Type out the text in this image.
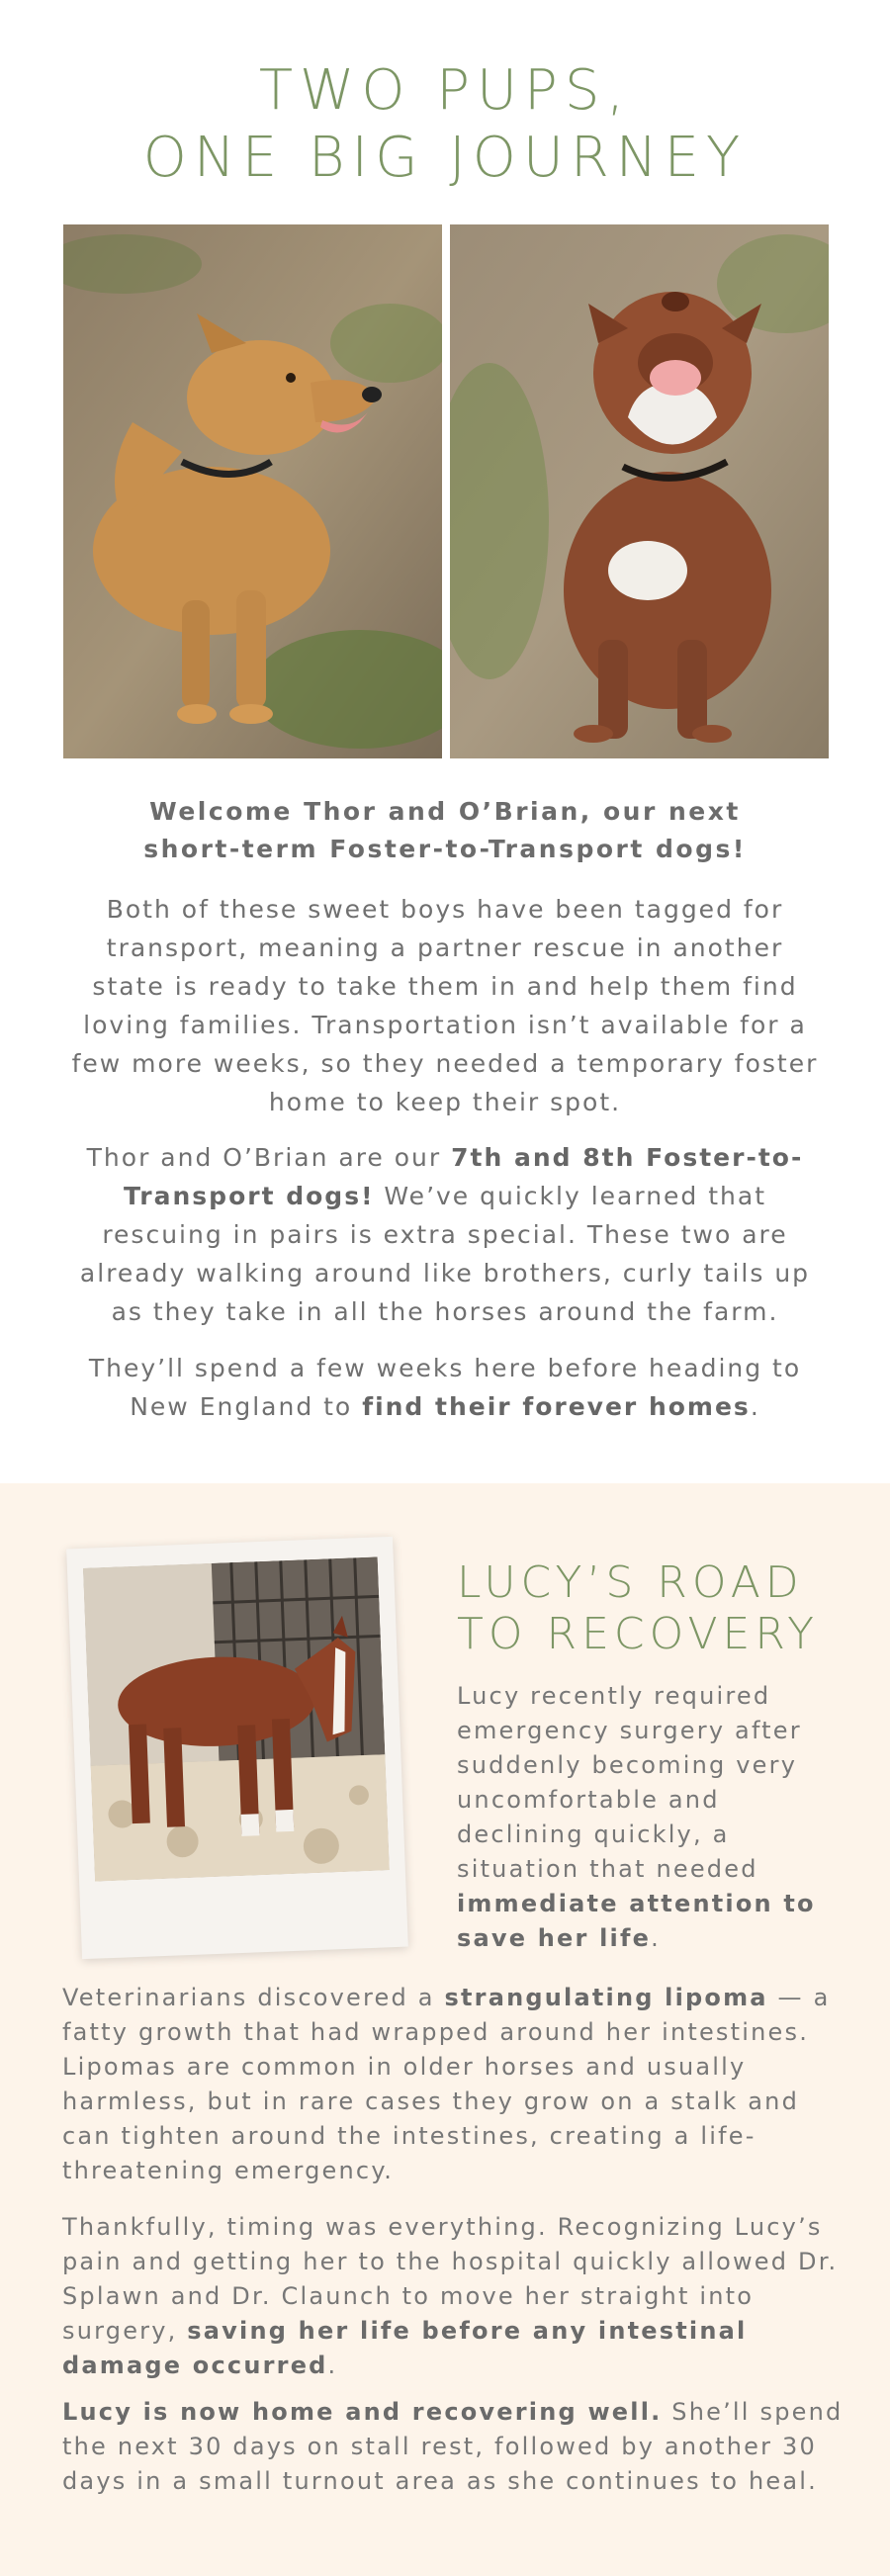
TWO PUPS,
ONE BIG JOURNEY
Welcome Thor and O’Brian, our next
short-term Foster-to-Transport dogs!

Both of these sweet boys have been tagged for transport, meaning a partner rescue in another state is ready to take them in and help them find loving families. Transportation isn’t available for a few more weeks, so they needed a temporary foster home to keep their spot.

Thor and O’Brian are our 7th and 8th Foster-to-Transport dogs! We’ve quickly learned that rescuing in pairs is extra special. These two are already walking around like brothers, curly tails up as they take in all the horses around the farm.

They’ll spend a few weeks here before heading to New England to find their forever homes.

LUCY’S ROAD
TO RECOVERY

Lucy recently required emergency surgery after suddenly becoming very uncomfortable and declining quickly, a situation that needed immediate attention to save her life.

Veterinarians discovered a strangulating lipoma — a fatty growth that had wrapped around her intestines. Lipomas are common in older horses and usually harmless, but in rare cases they grow on a stalk and can tighten around the intestines, creating a life-threatening emergency.

Thankfully, timing was everything. Recognizing Lucy’s pain and getting her to the hospital quickly allowed Dr. Splawn and Dr. Claunch to move her straight into surgery, saving her life before any intestinal damage occurred.

Lucy is now home and recovering well. She’ll spend the next 30 days on stall rest, followed by another 30 days in a small turnout area as she continues to heal.
